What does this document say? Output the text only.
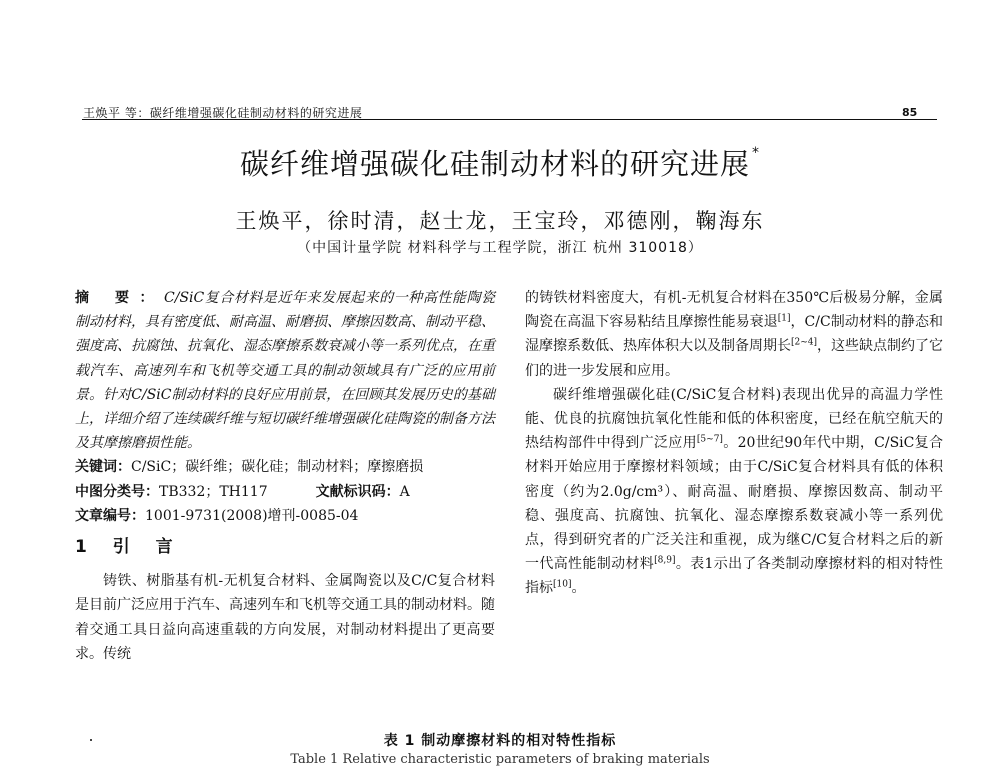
王焕平 等：碳纤维增强碳化硅制动材料的研究进展	85
碳纤维增强碳化硅制动材料的研究进展 *
王焕平，徐时清，赵士龙，王宝玲，邓德刚，鞠海东
（中国计量学院 材料科学与工程学院，浙江 杭州 310018）
摘 要：C/SiC复合材料是近年来发展起来的一种高性能陶瓷制动材料，具有密度低、耐高温、耐磨损、摩擦因数高、制动平稳、强度高、抗腐蚀、抗氧化、湿态摩擦系数衰减小等一系列优点，在重载汽车、高速列车和飞机等交通工具的制动领域具有广泛的应用前景。针对C/SiC制动材料的良好应用前景，在回顾其发展历史的基础上，详细介绍了连续碳纤维与短切碳纤维增强碳化硅陶瓷的制备方法及其摩擦磨损性能。
关键词：C/SiC；碳纤维；碳化硅；制动材料；摩擦磨损
中图分类号：TB332；TH117	文献标识码：A
文章编号：1001-9731(2008)增刊-0085-04
1 引 言

铸铁、树脂基有机-无机复合材料、金属陶瓷以及C/C复合材料是目前广泛应用于汽车、高速列车和飞机等交通工具的制动材料。随着交通工具日益向高速重载的方向发展，对制动材料提出了更高要求。传统

的铸铁材料密度大，有机-无机复合材料在350℃后极易分解，金属陶瓷在高温下容易粘结且摩擦性能易衰退[1]，C/C制动材料的静态和湿摩擦系数低、热库体积大以及制备周期长[2~4]，这些缺点制约了它们的进一步发展和应用。

碳纤维增强碳化硅(C/SiC复合材料)表现出优异的高温力学性能、优良的抗腐蚀抗氧化性能和低的体积密度，已经在航空航天的热结构部件中得到广泛应用[5~7]。20世纪90年代中期，C/SiC复合材料开始应用于摩擦材料领域；由于C/SiC复合材料具有低的体积密度（约为2.0g/cm³）、耐高温、耐磨损、摩擦因数高、制动平稳、强度高、抗腐蚀、抗氧化、湿态摩擦系数衰减小等一系列优点，得到研究者的广泛关注和重视，成为继C/C复合材料之后的新一代高性能制动材料[8,9]。表1示出了各类制动摩擦材料的相对特性指标[10]。

表 1 制动摩擦材料的相对特性指标
Table 1 Relative characteristic parameters of braking materials
